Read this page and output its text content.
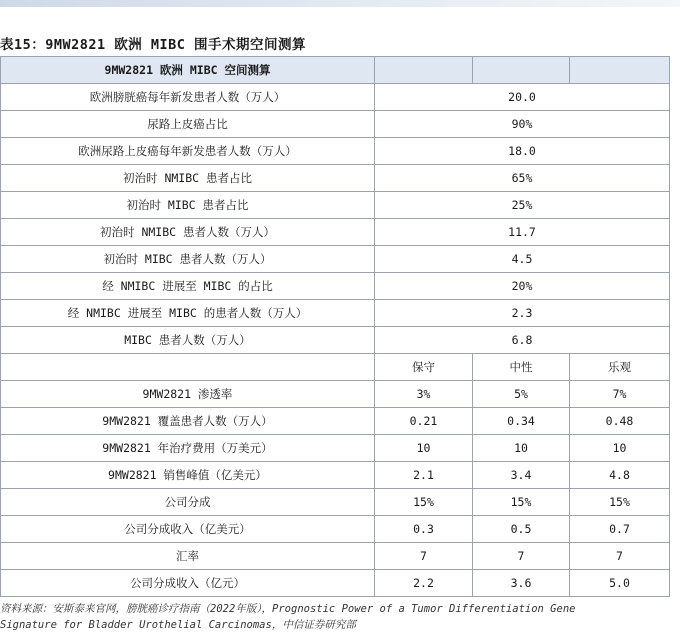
表15：9MW2821 欧洲 MIBC 围手术期空间测算
9MW2821 欧洲 MIBC 空间测算			
欧洲膀胱癌每年新发患者人数（万人）	20.0		
尿路上皮癌占比	90%		
欧洲尿路上皮癌每年新发患者人数（万人）	18.0		
初治时 NMIBC 患者占比	65%		
初治时 MIBC 患者占比	25%		
初治时 NMIBC 患者人数（万人）	11.7		
初治时 MIBC 患者人数（万人）	4.5		
经 NMIBC 进展至 MIBC 的占比	20%		
经 NMIBC 进展至 MIBC 的患者人数（万人）	2.3		
MIBC 患者人数（万人）	6.8		
	保守	中性	乐观
9MW2821 渗透率	3%	5%	7%
9MW2821 覆盖患者人数（万人）	0.21	0.34	0.48
9MW2821 年治疗费用（万美元）	10	10	10
9MW2821 销售峰值（亿美元）	2.1	3.4	4.8
公司分成	15%	15%	15%
公司分成收入（亿美元）	0.3	0.5	0.7
汇率	7	7	7
公司分成收入（亿元）	2.2	3.6	5.0
资料来源：安斯泰来官网，膀胱癌诊疗指南（2022年版），Prognostic Power of a Tumor Differentiation Gene
Signature for Bladder Urothelial Carcinomas，中信证券研究部
